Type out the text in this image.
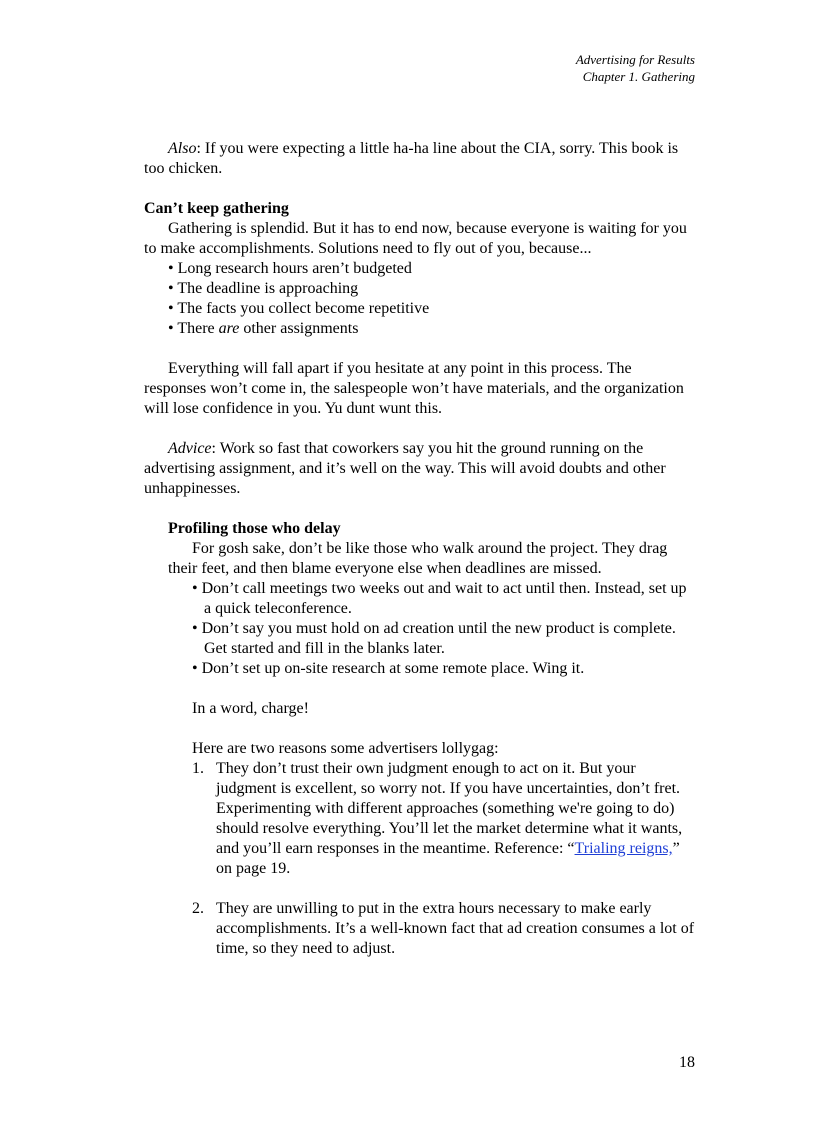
Advertising for Results
Chapter 1. Gathering

Also: If you were expecting a little ha-ha line about the CIA, sorry. This book is too chicken.

Can’t keep gathering

Gathering is splendid. But it has to end now, because everyone is waiting for you to make accomplishments. Solutions need to fly out of you, because...

• Long research hours aren’t budgeted

• The deadline is approaching

• The facts you collect become repetitive

• There are other assignments

Everything will fall apart if you hesitate at any point in this process. The responses won’t come in, the salespeople won’t have materials, and the organization will lose confidence in you. Yu dunt wunt this.

Advice: Work so fast that coworkers say you hit the ground running on the advertising assignment, and it’s well on the way. This will avoid doubts and other unhappinesses.

Profiling those who delay

For gosh sake, don’t be like those who walk around the project. They drag their feet, and then blame everyone else when deadlines are missed.

• Don’t call meetings two weeks out and wait to act until then. Instead, set up a quick teleconference.

• Don’t say you must hold on ad creation until the new product is complete. Get started and fill in the blanks later.

• Don’t set up on-site research at some remote place. Wing it.

In a word, charge!

Here are two reasons some advertisers lollygag:

1. They don’t trust their own judgment enough to act on it. But your judgment is excellent, so worry not. If you have uncertainties, don’t fret. Experimenting with different approaches (something we're going to do) should resolve everything. You’ll let the market determine what it wants, and you’ll earn responses in the meantime. Reference: “Trialing reigns,” on page 19.
2. They are unwilling to put in the extra hours necessary to make early accomplishments. It’s a well-known fact that ad creation consumes a lot of time, so they need to adjust.
18
